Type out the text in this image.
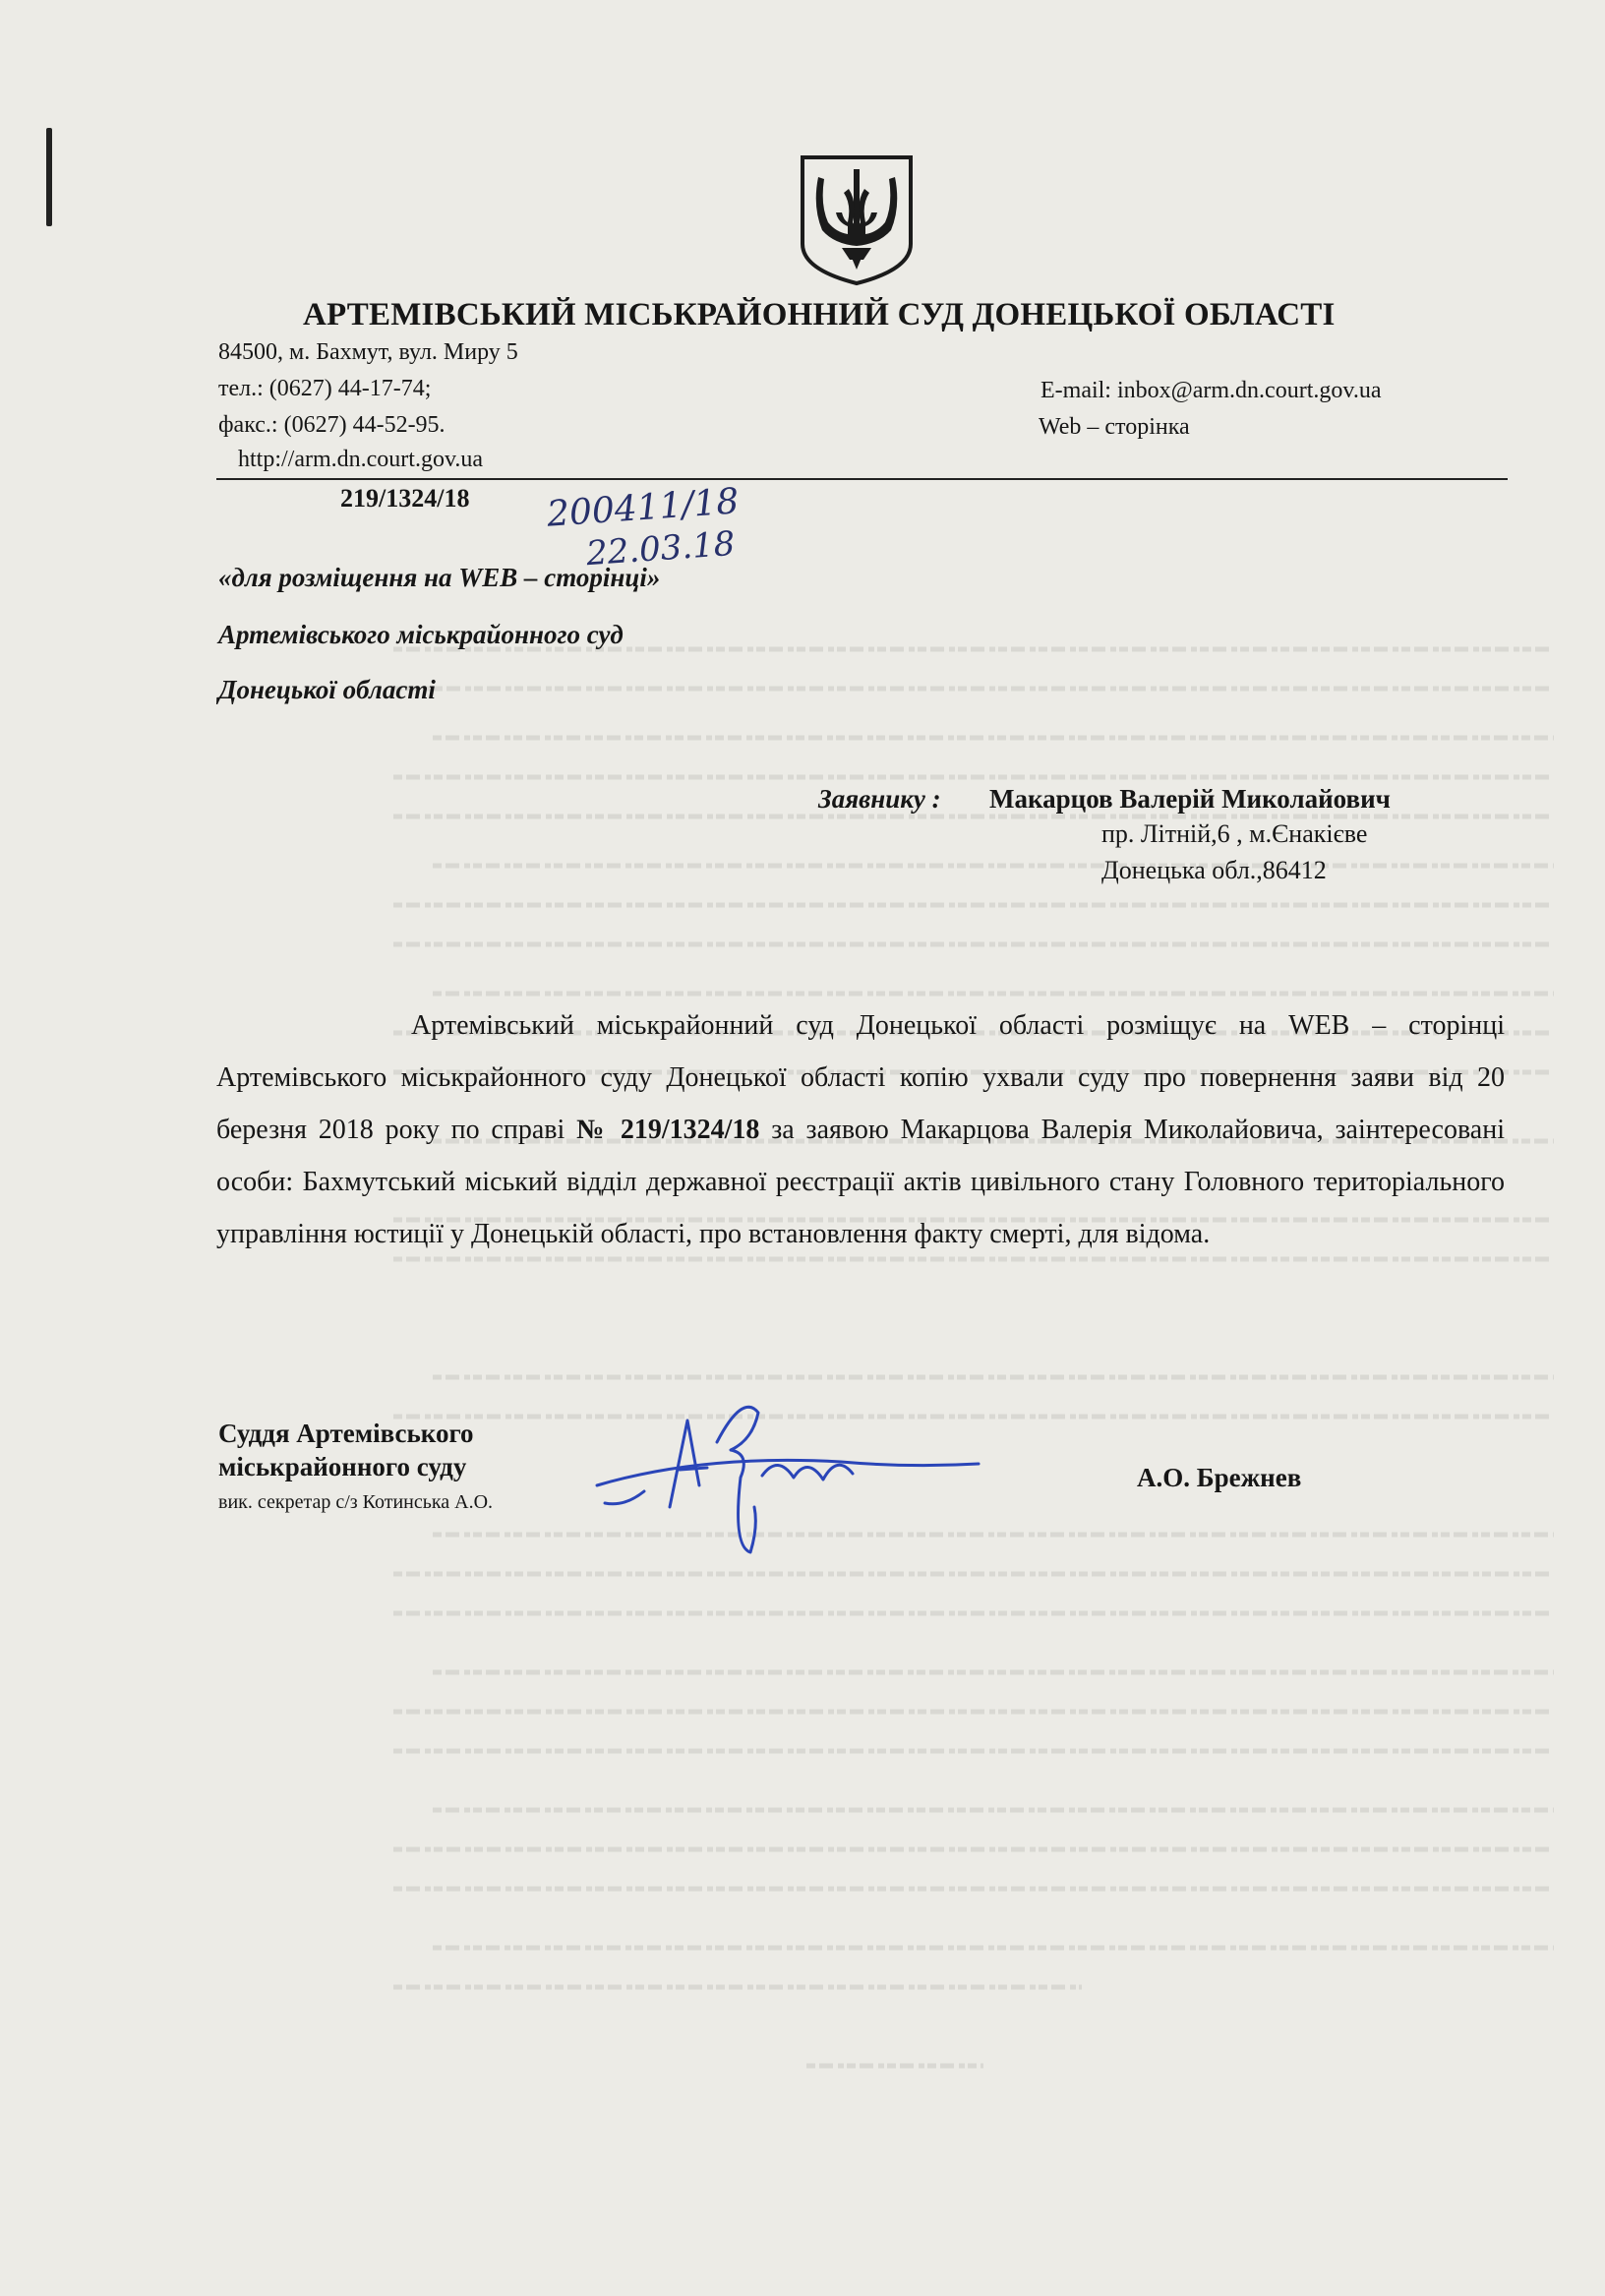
АРТЕМІВСЬКИЙ МІСЬКРАЙОННИЙ СУД ДОНЕЦЬКОЇ ОБЛАСТІ

84500, м. Бахмут, вул. Миру 5

тел.: (0627) 44-17-74;

факс.: (0627) 44-52-95.

http://arm.dn.court.gov.ua

E-mail: inbox@arm.dn.court.gov.ua

Web – сторінка

219/1324/18 200411/18

22.03.18

«для розміщення на WEB – сторінці»

Артемівського міськрайонного суд

Донецької області

Заявнику : Макарцов Валерій Миколайович

пр. Літній,6 , м.Єнакієве

Донецька обл.,86412

Артемівський міськрайонний суд Донецької області розміщує на WEB – сторінці Артемівського міськрайонного суду Донецької області копію ухвали суду про повернення заяви від 20 березня 2018 року по справі № 219/1324/18 за заявою Макарцова Валерія Миколайовича, заінтересовані особи: Бахмутський міський відділ державної реєстрації актів цивільного стану Головного територіального управління юстиції у Донецькій області, про встановлення факту смерті, для відома.

Суддя Артемівського

міськрайонного суду

вик. секретар с/з Котинська А.О.

А.О. Брежнев
